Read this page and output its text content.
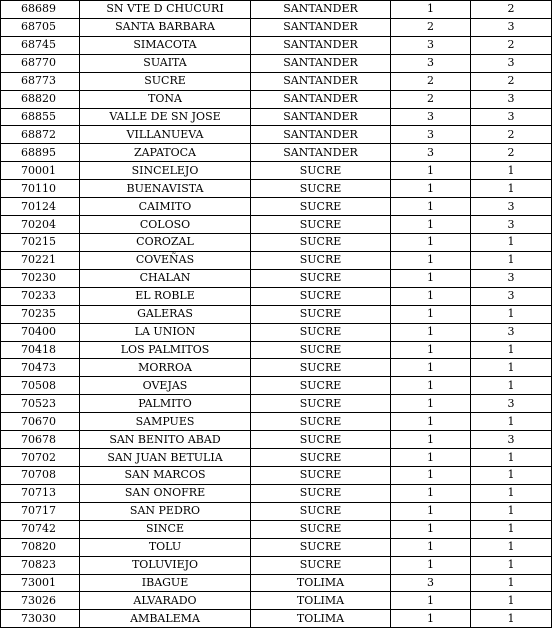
68689	SN VTE D CHUCURI	SANTANDER	1	2
68705	SANTA BARBARA	SANTANDER	2	3
68745	SIMACOTA	SANTANDER	3	2
68770	SUAITA	SANTANDER	3	3
68773	SUCRE	SANTANDER	2	2
68820	TONA	SANTANDER	2	3
68855	VALLE DE SN JOSE	SANTANDER	3	3
68872	VILLANUEVA	SANTANDER	3	2
68895	ZAPATOCA	SANTANDER	3	2
70001	SINCELEJO	SUCRE	1	1
70110	BUENAVISTA	SUCRE	1	1
70124	CAIMITO	SUCRE	1	3
70204	COLOSO	SUCRE	1	3
70215	COROZAL	SUCRE	1	1
70221	COVEÑAS	SUCRE	1	1
70230	CHALAN	SUCRE	1	3
70233	EL ROBLE	SUCRE	1	3
70235	GALERAS	SUCRE	1	1
70400	LA UNION	SUCRE	1	3
70418	LOS PALMITOS	SUCRE	1	1
70473	MORROA	SUCRE	1	1
70508	OVEJAS	SUCRE	1	1
70523	PALMITO	SUCRE	1	3
70670	SAMPUES	SUCRE	1	1
70678	SAN BENITO ABAD	SUCRE	1	3
70702	SAN JUAN BETULIA	SUCRE	1	1
70708	SAN MARCOS	SUCRE	1	1
70713	SAN ONOFRE	SUCRE	1	1
70717	SAN PEDRO	SUCRE	1	1
70742	SINCE	SUCRE	1	1
70820	TOLU	SUCRE	1	1
70823	TOLUVIEJO	SUCRE	1	1
73001	IBAGUE	TOLIMA	3	1
73026	ALVARADO	TOLIMA	1	1
73030	AMBALEMA	TOLIMA	1	1
